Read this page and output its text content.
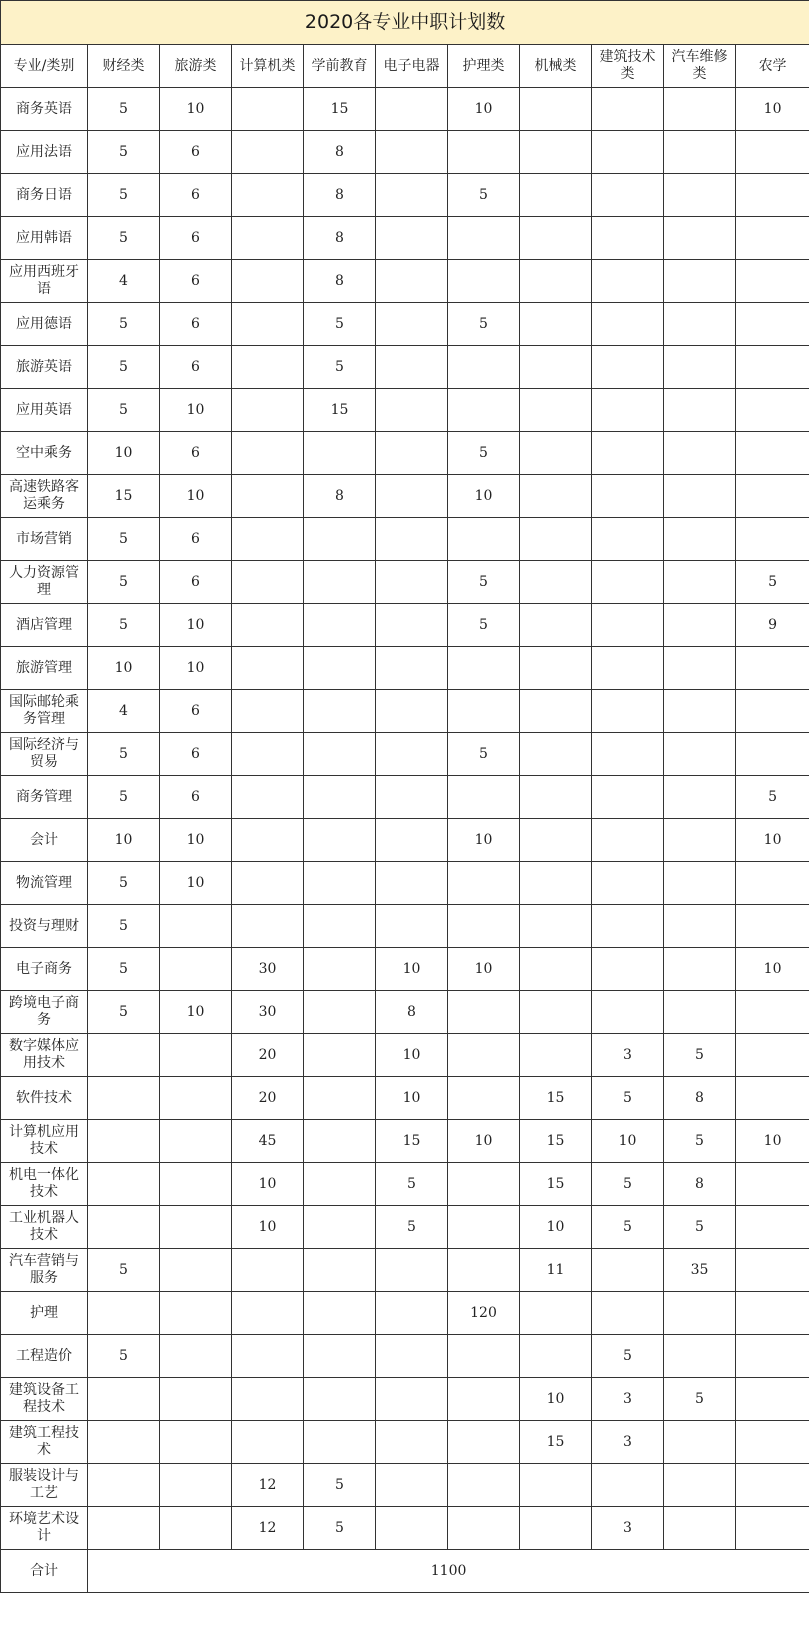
2020各专业中职计划数										
专业/类别	财经类	旅游类	计算机类	学前教育	电子电器	护理类	机械类	建筑技术类	汽车维修类	农学
商务英语	5	10		15		10				10
应用法语	5	6		8						
商务日语	5	6		8		5				
应用韩语	5	6		8						
应用西班牙语	4	6		8						
应用德语	5	6		5		5				
旅游英语	5	6		5						
应用英语	5	10		15						
空中乘务	10	6				5				
高速铁路客运乘务	15	10		8		10				
市场营销	5	6								
人力资源管理	5	6				5				5
酒店管理	5	10				5				9
旅游管理	10	10								
国际邮轮乘务管理	4	6								
国际经济与贸易	5	6				5				
商务管理	5	6								5
会计	10	10				10				10
物流管理	5	10								
投资与理财	5									
电子商务	5		30		10	10				10
跨境电子商务	5	10	30		8					
数字媒体应用技术			20		10			3	5	
软件技术			20		10		15	5	8	
计算机应用技术			45		15	10	15	10	5	10
机电一体化技术			10		5		15	5	8	
工业机器人技术			10		5		10	5	5	
汽车营销与服务	5						11		35	
护理						120				
工程造价	5							5		
建筑设备工程技术							10	3	5	
建筑工程技术							15	3		
服装设计与工艺			12	5						
环境艺术设计			12	5				3		
合计	1100									
